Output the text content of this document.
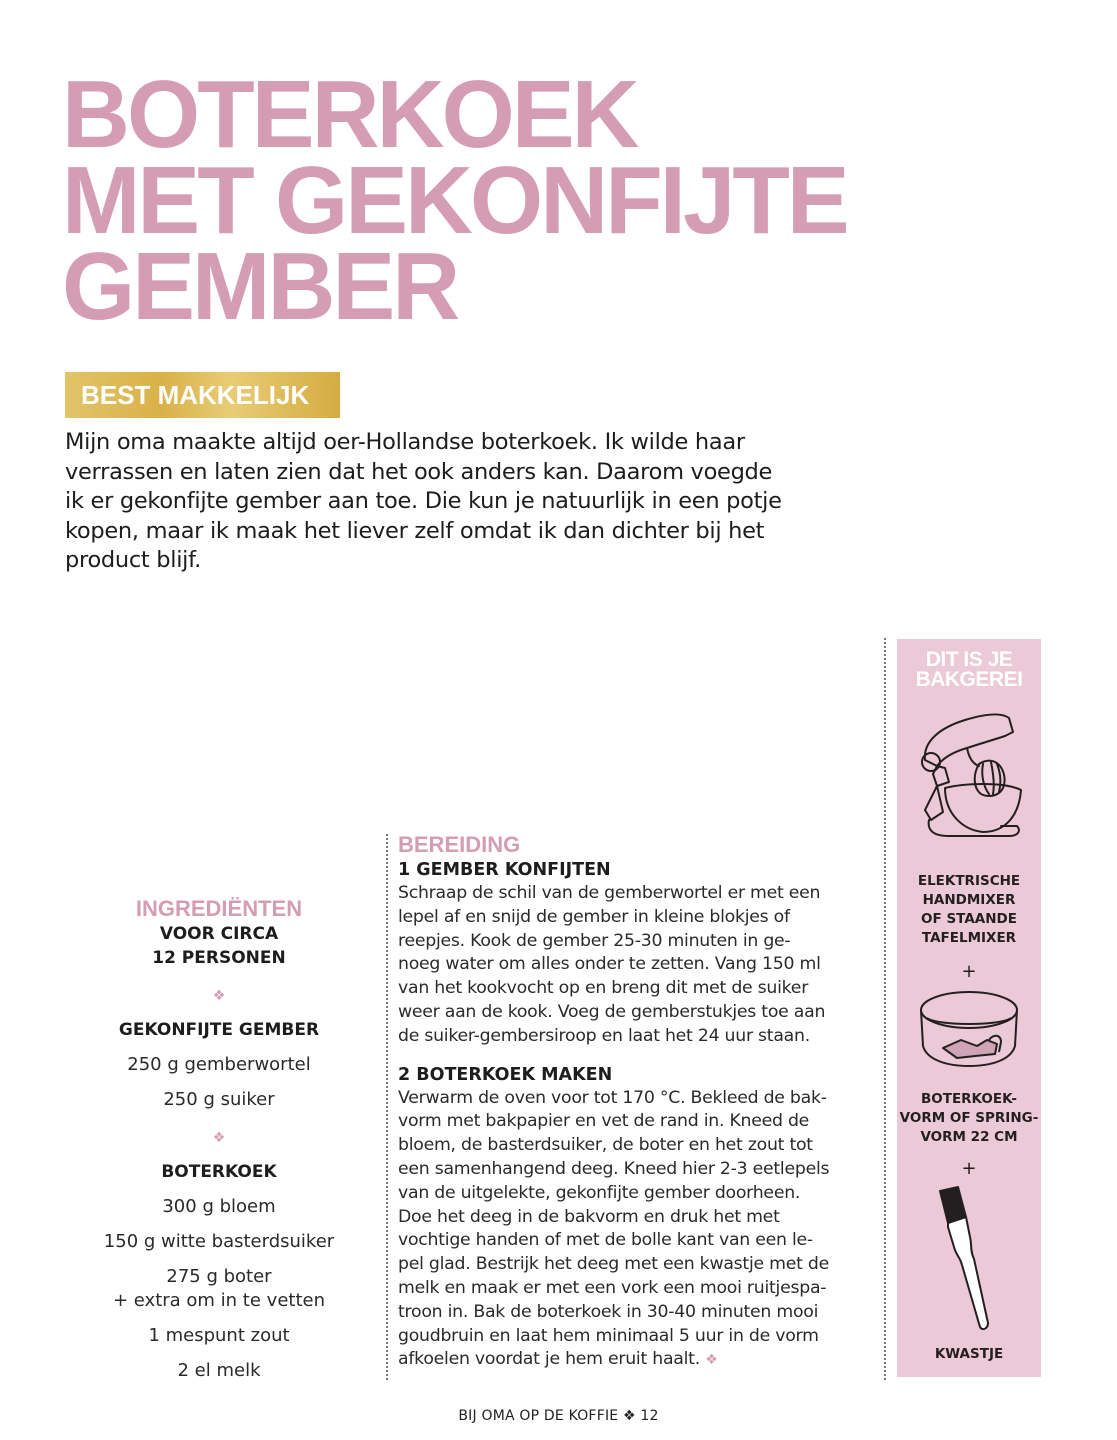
BOTERKOEK
MET GEKONFIJTE
GEMBER
BEST MAKKELIJK
Mijn oma maakte altijd oer-Hollandse boterkoek. Ik wilde haar
verrassen en laten zien dat het ook anders kan. Daarom voegde
ik er gekonfijte gember aan toe. Die kun je natuurlijk in een potje
kopen, maar ik maak het liever zelf omdat ik dan dichter bij het
product blijf.
INGREDIËNTEN
VOOR CIRCA
12 PERSONEN
❖
GEKONFIJTE GEMBER
250 g gemberwortel
250 g suiker
❖
BOTERKOEK
300 g bloem
150 g witte basterdsuiker
275 g boter
+ extra om in te vetten
1 mespunt zout
2 el melk
BEREIDING
1 GEMBER KONFIJTEN
Schraap de schil van de gemberwortel er met een
lepel af en snijd de gember in kleine blokjes of
reepjes. Kook de gember 25-30 minuten in ge-
noeg water om alles onder te zetten. Vang 150 ml
van het kookvocht op en breng dit met de suiker
weer aan de kook. Voeg de gemberstukjes toe aan
de suiker-gembersiroop en laat het 24 uur staan.
2 BOTERKOEK MAKEN
Verwarm de oven voor tot 170 °C. Bekleed de bak-
vorm met bakpapier en vet de rand in. Kneed de
bloem, de basterdsuiker, de boter en het zout tot
een samenhangend deeg. Kneed hier 2-3 eetlepels
van de uitgelekte, gekonfijte gember doorheen.
Doe het deeg in de bakvorm en druk het met
vochtige handen of met de bolle kant van een le-
pel glad. Bestrijk het deeg met een kwastje met de
melk en maak er met een vork een mooi ruitjespa-
troon in. Bak de boterkoek in 30-40 minuten mooi
goudbruin en laat hem minimaal 5 uur in de vorm
afkoelen voordat je hem eruit haalt. ❖
DIT IS JE
BAKGEREI
ELEKTRISCHE
HANDMIXER
OF STAANDE
TAFELMIXER
+
BOTERKOEK-
VORM OF SPRING-
VORM 22 CM
+
KWASTJE
BIJ OMA OP DE KOFFIE ❖ 12
